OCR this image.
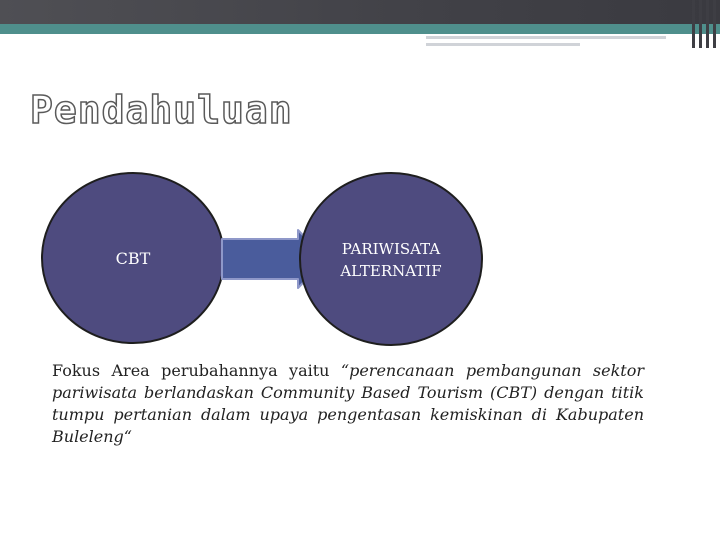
Pendahuluan
CBT	PARIWISATA
ALTERNATIF

Fokus Area perubahannya yaitu “perencanaan pembangunan sektor pariwisata berlandaskan Community Based Tourism (CBT) dengan titik tumpu pertanian dalam upaya pengentasan kemiskinan di Kabupaten Buleleng“
